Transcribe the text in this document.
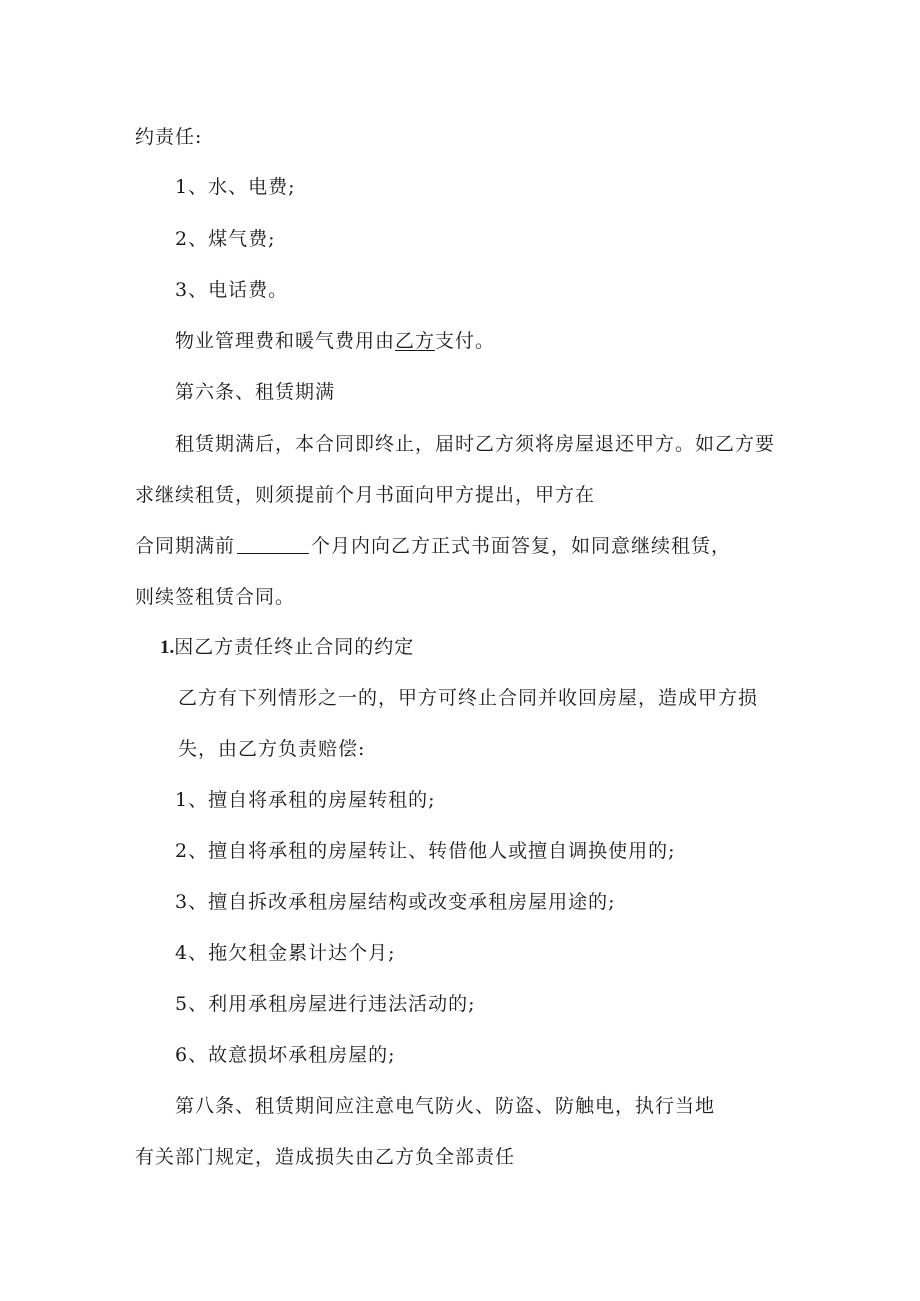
约责任:
1、水、电费;
2、煤气费;
3、电话费。
物业管理费和暖气费用由乙方支付。
第六条、租赁期满
租赁期满后，本合同即终止，届时乙方须将房屋退还甲方。如乙方要
求继续租赁，则须提前个月书面向甲方提出，甲方在
合同期满前	个月内向乙方正式书面答复，如同意继续租赁，
则续签租赁合同。
1.因乙方责任终止合同的约定
乙方有下列情形之一的，甲方可终止合同并收回房屋，造成甲方损
失，由乙方负责赔偿:
1、擅自将承租的房屋转租的;
2、擅自将承租的房屋转让、转借他人或擅自调换使用的;
3、擅自拆改承租房屋结构或改变承租房屋用途的;
4、拖欠租金累计达个月;
5、利用承租房屋进行违法活动的;
6、故意损坏承租房屋的;
第八条、租赁期间应注意电气防火、防盗、防触电，执行当地
有关部门规定，造成损失由乙方负全部责任
